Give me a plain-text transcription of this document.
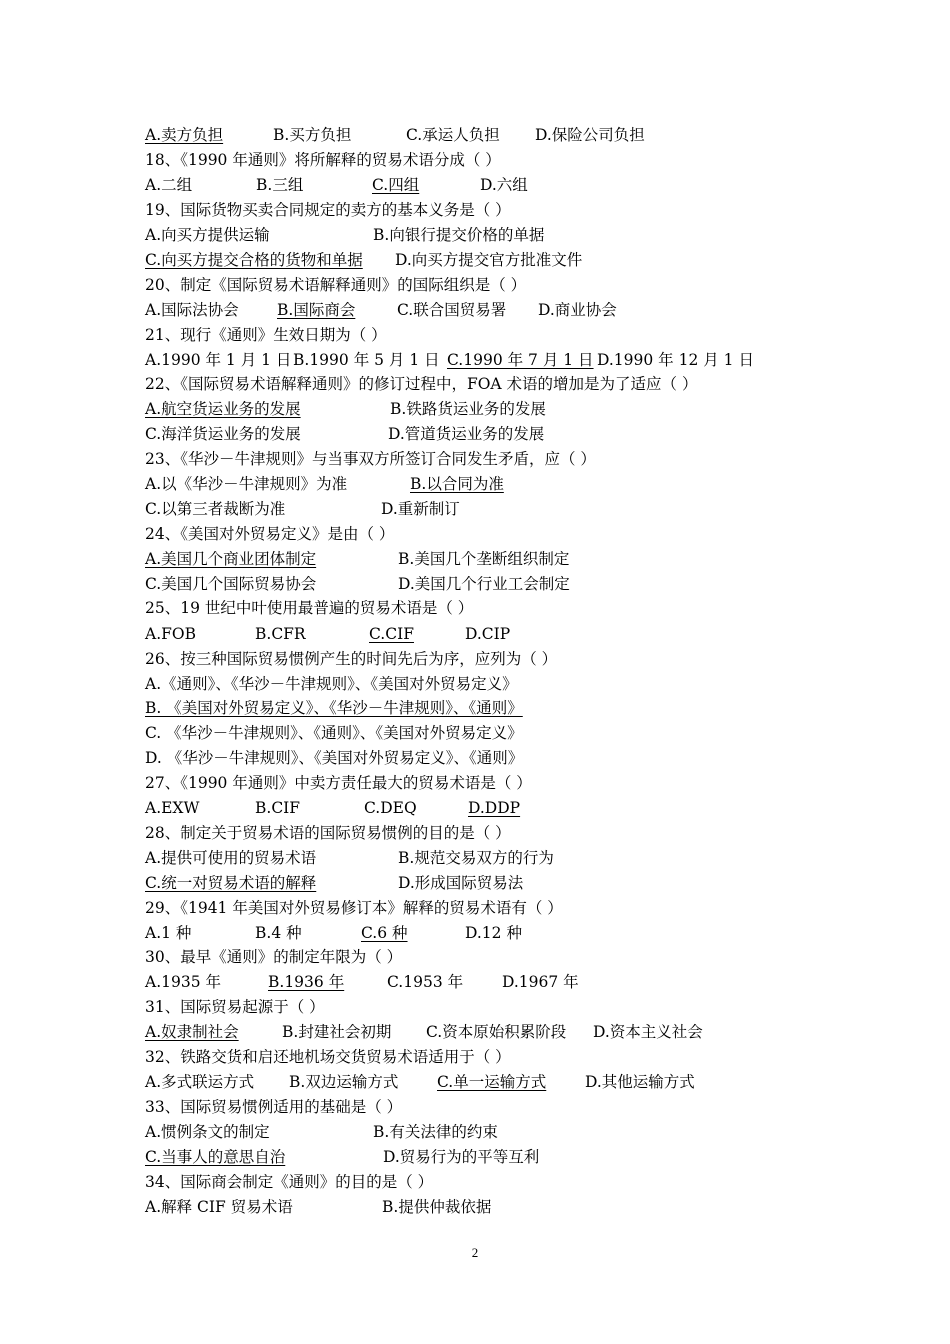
A.卖方负担	B.买方负担	C.承运人负担 D.保险公司负担
18、《1990 年通则》将所解释的贸易术语分成（ ）
A.二组	B.三组	C.四组	D.六组
19、国际货物买卖合同规定的卖方的基本义务是（ ）
A.向买方提供运输	B.向银行提交价格的单据
C.向买方提交合格的货物和单据 D.向买方提交官方批准文件
20、制定《国际贸易术语解释通则》的国际组织是（ ）
A.国际法协会 B.国际商会	C.联合国贸易署 D.商业协会
21、现行《通则》生效日期为（ ）
A.1990 年 1 月 1 日 B.1990 年 5 月 1 日 C.1990 年 7 月 1 日 D.1990 年 12 月 1 日
22、《国际贸易术语解释通则》的修订过程中，FOA 术语的增加是为了适应（ ）
A.航空货运业务的发展	B.铁路货运业务的发展
C.海洋货运业务的发展	D.管道货运业务的发展
23、《华沙－牛津规则》与当事双方所签订合同发生矛盾，应（ ）
A.以《华沙－牛津规则》为准	B.以合同为准
C.以第三者裁断为准	D.重新制订
24、《美国对外贸易定义》是由（ ）
A.美国几个商业团体制定	B.美国几个垄断组织制定
C.美国几个国际贸易协会	D.美国几个行业工会制定
25、19 世纪中叶使用最普遍的贸易术语是（ ）
A.FOB	B.CFR	C.CIF	D.CIP
26、按三种国际贸易惯例产生的时间先后为序，应列为（ ）
A.《通则》、《华沙－牛津规则》、《美国对外贸易定义》
B. 《美国对外贸易定义》、《华沙－牛津规则》、《通则》
C. 《华沙－牛津规则》、《通则》、《美国对外贸易定义》
D. 《华沙－牛津规则》、《美国对外贸易定义》、《通则》
27、《1990 年通则》中卖方责任最大的贸易术语是（ ）
A.EXW	B.CIF	C.DEQ	D.DDP
28、制定关于贸易术语的国际贸易惯例的目的是（ ）
A.提供可使用的贸易术语	B.规范交易双方的行为
C.统一对贸易术语的解释	D.形成国际贸易法
29、《1941 年美国对外贸易修订本》解释的贸易术语有（ ）
A.1 种	B.4 种	C.6 种	D.12 种
30、最早《通则》的制定年限为（ ）
A.1935 年	B.1936 年	C.1953 年	D.1967 年
31、国际贸易起源于（ ）
A.奴隶制社会	B.封建社会初期 C.资本原始积累阶段 D.资本主义社会
32、铁路交货和启还地机场交货贸易术语适用于（ ）
A.多式联运方式 B.双边运输方式 C.单一运输方式	D.其他运输方式
33、国际贸易惯例适用的基础是（ ）
A.惯例条文的制定	B.有关法律的约束
C.当事人的意思自治	D.贸易行为的平等互利
34、国际商会制定《通则》的目的是（ ）
A.解释 CIF 贸易术语	B.提供仲裁依据
2
